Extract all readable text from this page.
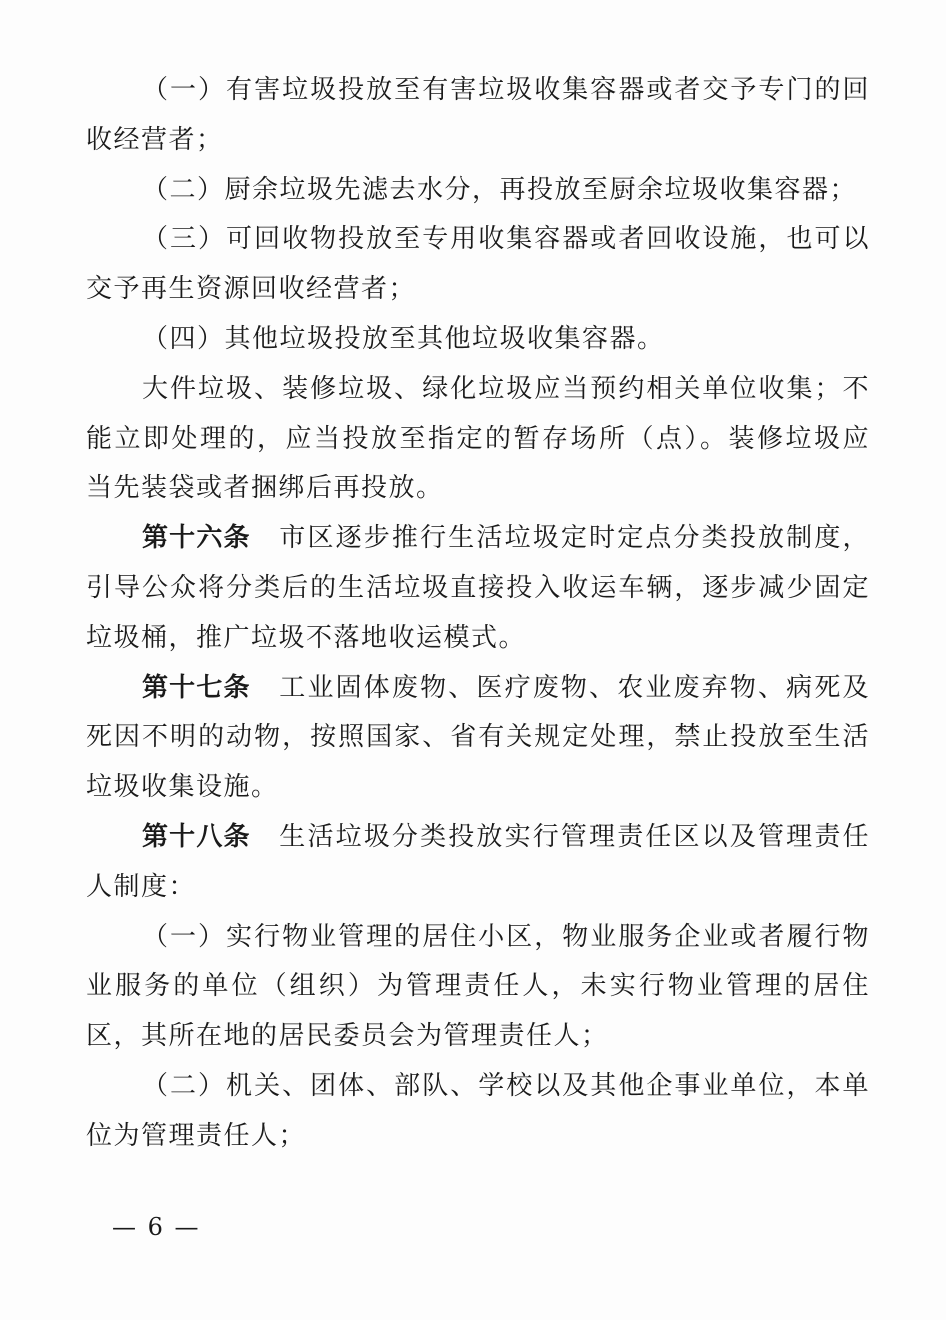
（一）有害垃圾投放至有害垃圾收集容器或者交予专门的回收经营者；

（二）厨余垃圾先滤去水分，再投放至厨余垃圾收集容器；

（三）可回收物投放至专用收集容器或者回收设施，也可以交予再生资源回收经营者；

（四）其他垃圾投放至其他垃圾收集容器。

大件垃圾、装修垃圾、绿化垃圾应当预约相关单位收集；不能立即处理的，应当投放至指定的暂存场所（点）。装修垃圾应当先装袋或者捆绑后再投放。

第十六条 市区逐步推行生活垃圾定时定点分类投放制度，引导公众将分类后的生活垃圾直接投入收运车辆，逐步减少固定垃圾桶，推广垃圾不落地收运模式。

第十七条 工业固体废物、医疗废物、农业废弃物、病死及死因不明的动物，按照国家、省有关规定处理，禁止投放至生活垃圾收集设施。

第十八条 生活垃圾分类投放实行管理责任区以及管理责任人制度：

（一）实行物业管理的居住小区，物业服务企业或者履行物业服务的单位（组织）为管理责任人，未实行物业管理的居住区，其所在地的居民委员会为管理责任人；

（二）机关、团体、部队、学校以及其他企事业单位，本单位为管理责任人；

— 6 —
